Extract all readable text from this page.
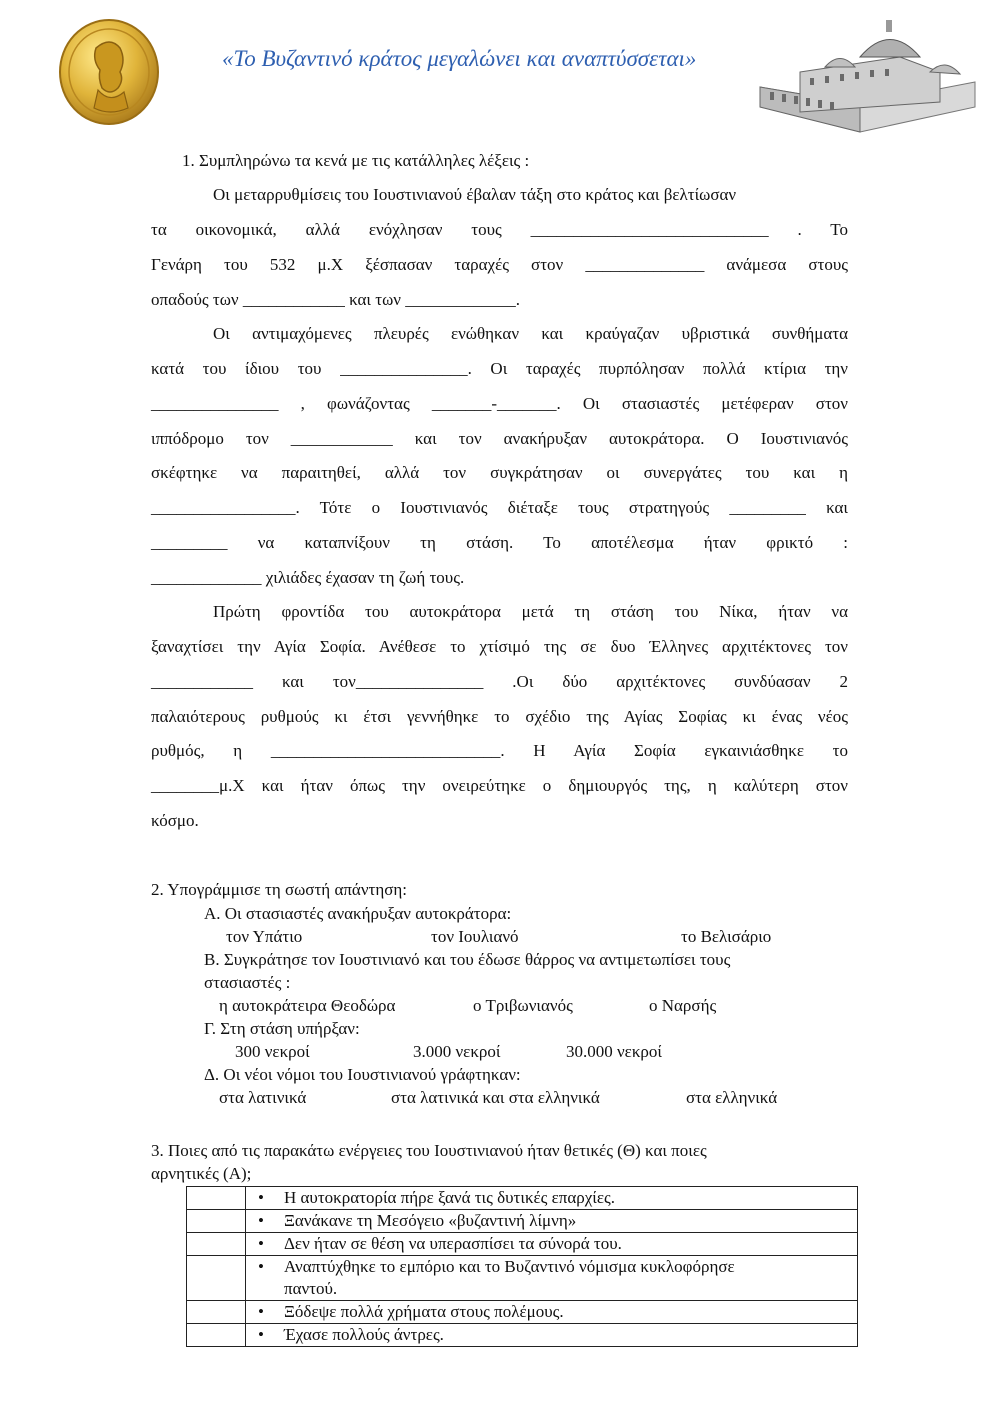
«Το Βυζαντινό κράτος μεγαλώνει και αναπτύσσεται»
1. Συμπληρώνω τα κενά με τις κατάλληλες λέξεις :
Οι μεταρρυθμίσεις του Ιουστινιανού έβαλαν τάξη στο κράτος και βελτίωσαν
τα οικονομικά, αλλά ενόχλησαν τους ____________________________ . Το
Γενάρη του 532 μ.Χ ξέσπασαν ταραχές στον ______________ ανάμεσα στους
οπαδούς των ____________ και των _____________.
Οι αντιμαχόμενες πλευρές ενώθηκαν και κραύγαζαν υβριστικά συνθήματα
κατά του ίδιου του _______________. Οι ταραχές πυρπόλησαν πολλά κτίρια την
_______________ , φωνάζοντας _______-_______. Οι στασιαστές μετέφεραν στον
ιππόδρομο τον ____________ και τον ανακήρυξαν αυτοκράτορα. Ο Ιουστινιανός
σκέφτηκε να παραιτηθεί, αλλά τον συγκράτησαν οι συνεργάτες του και η
_________________. Τότε ο Ιουστινιανός διέταξε τους στρατηγούς _________ και
_________ να καταπνίξουν τη στάση. Το αποτέλεσμα ήταν φρικτό :
_____________ χιλιάδες έχασαν τη ζωή τους.
Πρώτη φροντίδα του αυτοκράτορα μετά τη στάση του Νίκα, ήταν να
ξαναχτίσει την Αγία Σοφία. Ανέθεσε το χτίσιμό της σε δυο Έλληνες αρχιτέκτονες τον
____________ και τον_______________ .Οι δύο αρχιτέκτονες συνδύασαν 2
παλαιότερους ρυθμούς κι έτσι γεννήθηκε το σχέδιο της Αγίας Σοφίας κι ένας νέος
ρυθμός, η ___________________________. Η Αγία Σοφία εγκαινιάσθηκε το
________μ.Χ και ήταν όπως την ονειρεύτηκε ο δημιουργός της, η καλύτερη στον
κόσμο.
2. Υπογράμμισε τη σωστή απάντηση:
Α. Οι στασιαστές ανακήρυξαν αυτοκράτορα:
τον Υπάτιο	τον Ιουλιανό	το Βελισάριο
Β. Συγκράτησε τον Ιουστινιανό και του έδωσε θάρρος να αντιμετωπίσει τους
στασιαστές :
η αυτοκράτειρα Θεοδώρα	ο Τριβωνιανός	ο Ναρσής
Γ. Στη στάση υπήρξαν:
300 νεκροί	3.000 νεκροί	30.000 νεκροί
Δ. Οι νέοι νόμοι του Ιουστινιανού γράφτηκαν:
στα λατινικά	στα λατινικά και στα ελληνικά	στα ελληνικά
3. Ποιες από τις παρακάτω ενέργειες του Ιουστινιανού ήταν θετικές (Θ) και ποιες
αρνητικές (Α);
	• Η αυτοκρατορία πήρε ξανά τις δυτικές επαρχίες.
	• Ξανάκανε τη Μεσόγειο «βυζαντινή λίμνη»
	• Δεν ήταν σε θέση να υπερασπίσει τα σύνορά του.
	• Αναπτύχθηκε το εμπόριο και το Βυζαντινό νόμισμα κυκλοφόρησε
παντού.
	• Ξόδεψε πολλά χρήματα στους πολέμους.
	• Έχασε πολλούς άντρες.
